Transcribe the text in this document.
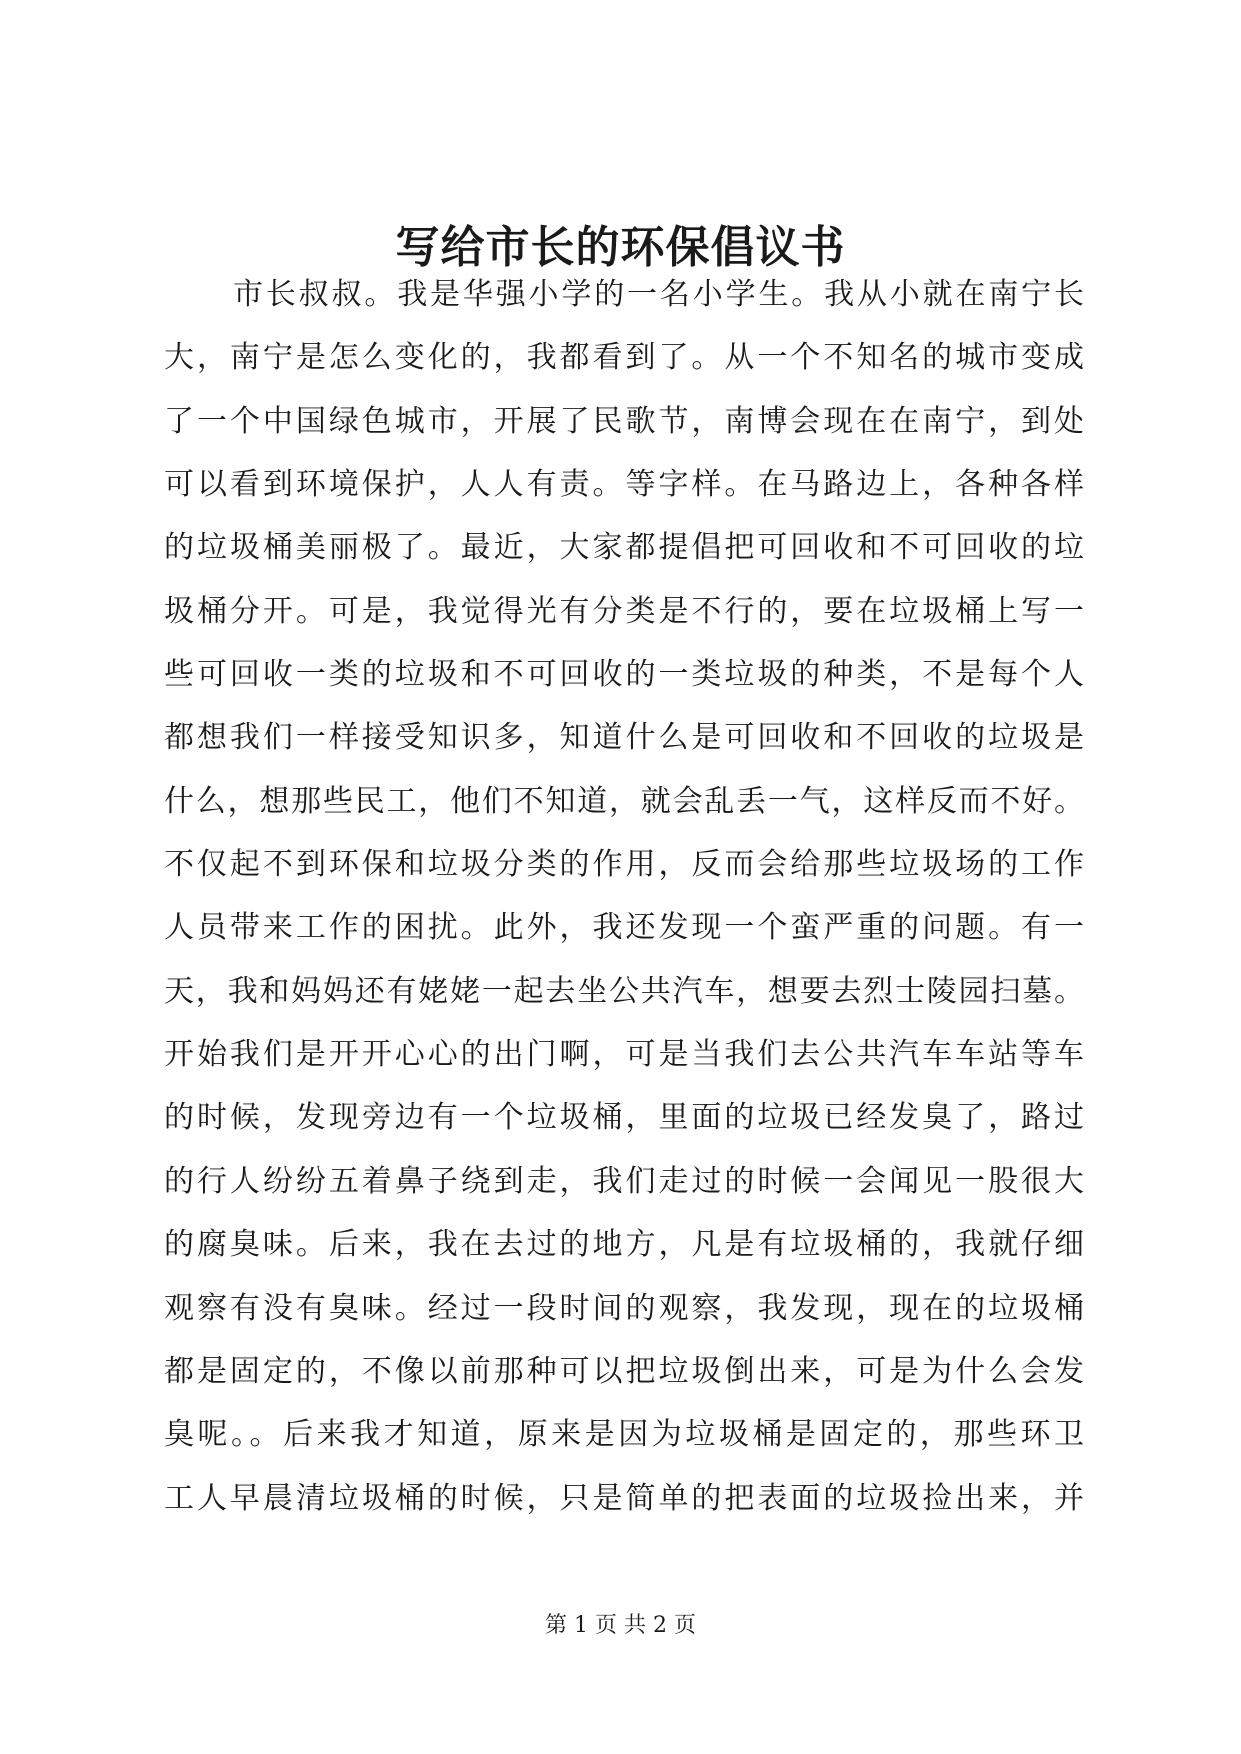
写给市长的环保倡议书
市长叔叔。我是华强小学的一名小学生。我从小就在南宁长
大，南宁是怎么变化的，我都看到了。从一个不知名的城市变成
了一个中国绿色城市，开展了民歌节，南博会现在在南宁，到处
可以看到环境保护，人人有责。等字样。在马路边上，各种各样
的垃圾桶美丽极了。最近，大家都提倡把可回收和不可回收的垃
圾桶分开。可是，我觉得光有分类是不行的，要在垃圾桶上写一
些可回收一类的垃圾和不可回收的一类垃圾的种类，不是每个人
都想我们一样接受知识多，知道什么是可回收和不回收的垃圾是
什么，想那些民工，他们不知道，就会乱丢一气，这样反而不好。
不仅起不到环保和垃圾分类的作用，反而会给那些垃圾场的工作
人员带来工作的困扰。此外，我还发现一个蛮严重的问题。有一
天，我和妈妈还有姥姥一起去坐公共汽车，想要去烈士陵园扫墓。
开始我们是开开心心的出门啊，可是当我们去公共汽车车站等车
的时候，发现旁边有一个垃圾桶，里面的垃圾已经发臭了，路过
的行人纷纷五着鼻子绕到走，我们走过的时候一会闻见一股很大
的腐臭味。后来，我在去过的地方，凡是有垃圾桶的，我就仔细
观察有没有臭味。经过一段时间的观察，我发现，现在的垃圾桶
都是固定的，不像以前那种可以把垃圾倒出来，可是为什么会发
臭呢。。后来我才知道，原来是因为垃圾桶是固定的，那些环卫
工人早晨清垃圾桶的时候，只是简单的把表面的垃圾捡出来，并
第 1 页 共 2 页
